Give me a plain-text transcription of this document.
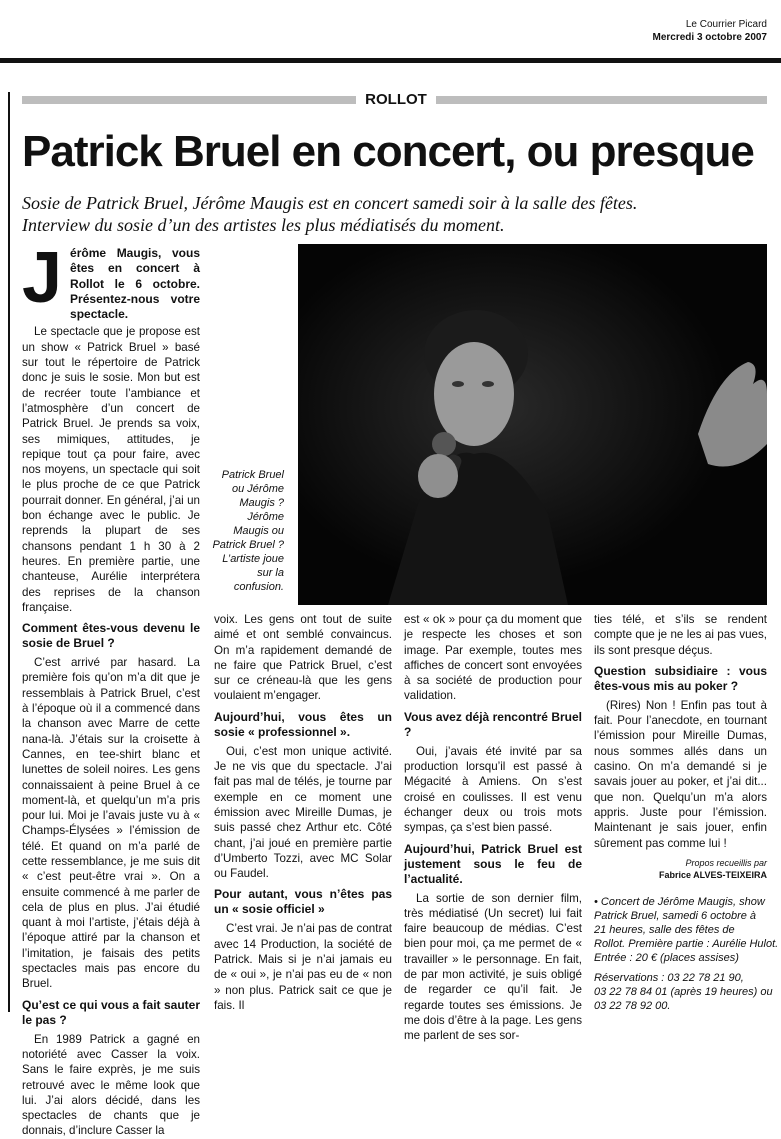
Le Courrier Picard
Mercredi 3 octobre 2007
ROLLOT
Patrick Bruel en concert, ou presque
Sosie de Patrick Bruel, Jérôme Maugis est en concert samedi soir à la salle des fêtes.
Interview du sosie d’un des artistes les plus médiatisés du moment.
J érôme Maugis, vous êtes en concert à Rollot le 6 octobre. Présentez-nous votre spectacle.

Le spectacle que je propose est un show « Patrick Bruel » basé sur tout le répertoire de Patrick donc je suis le sosie. Mon but est de recréer toute l’ambiance et l’atmosphère d’un concert de Patrick Bruel. Je prends sa voix, ses mimiques, attitudes, je repique tout ça pour faire, avec nos moyens, un spectacle qui soit le plus proche de ce que Patrick pourrait donner. En général, j’ai un bon échange avec le public. Je reprends la plupart de ses chansons pendant 1 h 30 à 2 heures. En première partie, une chanteuse, Aurélie interprétera des reprises de la chanson française.

Comment êtes-vous devenu le sosie de Bruel ?

C’est arrivé par hasard. La première fois qu’on m’a dit que je ressemblais à Patrick Bruel, c’est à l’époque où il a commencé dans la chanson avec Marre de cette nana-là. J’étais sur la croisette à Cannes, en tee-shirt blanc et lunettes de soleil noires. Les gens connaissaient à peine Bruel à ce moment-là, et quelqu’un m’a pris pour lui. Moi je l’avais juste vu à « Champs-Élysées » l’émission de télé. Et quand on m’a parlé de cette ressemblance, je me suis dit « c’est peut-être vrai ». On a ensuite commencé à me parler de cela de plus en plus. J’ai étudié quant à moi l’artiste, j’étais déjà à l’époque attiré par la chanson et l’imitation, je faisais des petits spectacles mais pas encore du Bruel.

Qu’est ce qui vous a fait sauter le pas ?

En 1989 Patrick a gagné en notoriété avec Casser la voix. Sans le faire exprès, je me suis retrouvé avec le même look que lui. J’ai alors décidé, dans les spectacles de chants que je donnais, d’inclure Casser la

Patrick Bruel ou Jérôme Maugis ? Jérôme Maugis ou Patrick Bruel ? L’artiste joue sur la confusion.

voix. Les gens ont tout de suite aimé et ont semblé convaincus. On m’a rapidement demandé de ne faire que Patrick Bruel, c’est sur ce créneau-là que les gens voulaient m’engager.

Aujourd’hui, vous êtes un sosie « professionnel ».

Oui, c’est mon unique activité. Je ne vis que du spectacle. J’ai fait pas mal de télés, je tourne par exemple en ce moment une émission avec Mireille Dumas, je suis passé chez Arthur etc. Côté chant, j’ai joué en première partie d’Umberto Tozzi, avec MC Solar ou Faudel.

Pour autant, vous n’êtes pas un « sosie officiel »

C’est vrai. Je n’ai pas de contrat avec 14 Production, la société de Patrick. Mais si je n’ai jamais eu de « oui », je n’ai pas eu de « non » non plus. Patrick sait ce que je fais. Il

est « ok » pour ça du moment que je respecte les choses et son image. Par exemple, toutes mes affiches de concert sont envoyées à sa société de production pour validation.

Vous avez déjà rencontré Bruel ?

Oui, j’avais été invité par sa production lorsqu’il est passé à Mégacité à Amiens. On s’est croisé en coulisses. Il est venu échanger deux ou trois mots sympas, ça s’est bien passé.

Aujourd’hui, Patrick Bruel est justement sous le feu de l’actualité.

La sortie de son dernier film, très médiatisé (Un secret) lui fait faire beaucoup de médias. C’est bien pour moi, ça me permet de « travailler » le personnage. En fait, de par mon activité, je suis obligé de regarder ce qu’il fait. Je regarde toutes ses émissions. Je me dois d’être à la page. Les gens me parlent de ses sor-

ties télé, et s’ils se rendent compte que je ne les ai pas vues, ils sont presque déçus.

Question subsidiaire : vous êtes-vous mis au poker ?

(Rires) Non ! Enfin pas tout à fait. Pour l’anecdote, en tournant l’émission pour Mireille Dumas, nous sommes allés dans un casino. On m’a demandé si je savais jouer au poker, et j’ai dit... que non. Quelqu’un m’a alors appris. Juste pour l’émission. Maintenant je sais jouer, enfin sûrement pas comme lui !

Propos recueillis par
Fabrice ALVES-TEIXEIRA
• Concert de Jérôme Maugis, show
Patrick Bruel, samedi 6 octobre à
21 heures, salle des fêtes de
Rollot. Première partie : Aurélie Hulot.
Entrée : 20 € (places assises)
Réservations : 03 22 78 21 90,
03 22 78 84 01 (après 19 heures) ou
03 22 78 92 00.
